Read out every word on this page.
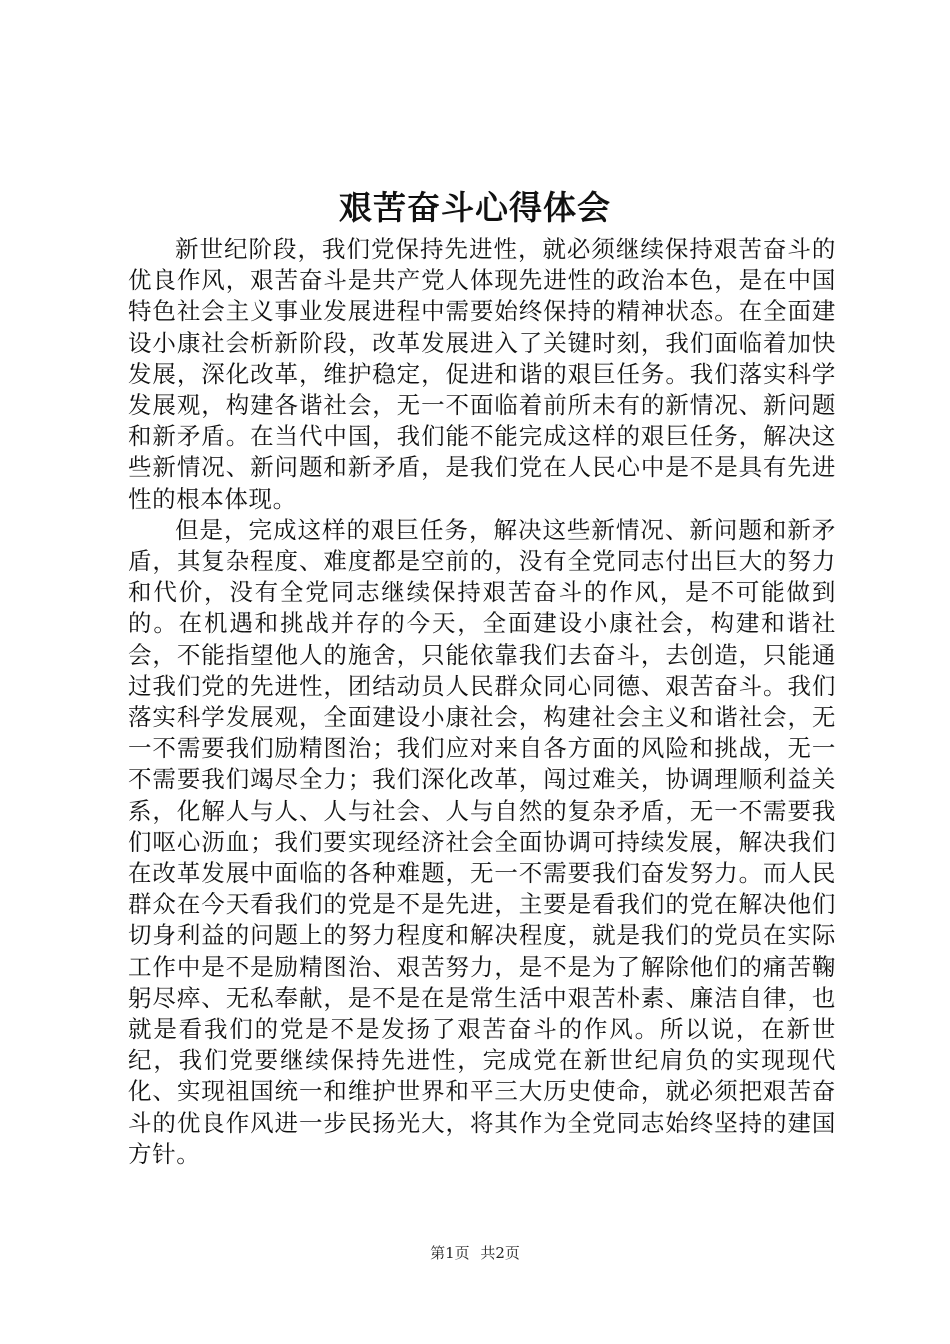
艰苦奋斗心得体会

新世纪阶段，我们党保持先进性，就必须继续保持艰苦奋斗的优良作风，艰苦奋斗是共产党人体现先进性的政治本色，是在中国特色社会主义事业发展进程中需要始终保持的精神状态。在全面建设小康社会析新阶段，改革发展进入了关键时刻，我们面临着加快发展，深化改革，维护稳定，促进和谐的艰巨任务。我们落实科学发展观，构建各谐社会，无一不面临着前所未有的新情况、新问题和新矛盾。在当代中国，我们能不能完成这样的艰巨任务，解决这些新情况、新问题和新矛盾，是我们党在人民心中是不是具有先进性的根本体现。

但是，完成这样的艰巨任务，解决这些新情况、新问题和新矛盾，其复杂程度、难度都是空前的，没有全党同志付出巨大的努力和代价，没有全党同志继续保持艰苦奋斗的作风，是不可能做到的。在机遇和挑战并存的今天，全面建设小康社会，构建和谐社会，不能指望他人的施舍，只能依靠我们去奋斗，去创造，只能通过我们党的先进性，团结动员人民群众同心同德、艰苦奋斗。我们落实科学发展观，全面建设小康社会，构建社会主义和谐社会，无一不需要我们励精图治；我们应对来自各方面的风险和挑战，无一不需要我们竭尽全力；我们深化改革，闯过难关，协调理顺利益关系，化解人与人、人与社会、人与自然的复杂矛盾，无一不需要我们呕心沥血；我们要实现经济社会全面协调可持续发展，解决我们在改革发展中面临的各种难题，无一不需要我们奋发努力。而人民群众在今天看我们的党是不是先进，主要是看我们的党在解决他们切身利益的问题上的努力程度和解决程度，就是我们的党员在实际工作中是不是励精图治、艰苦努力，是不是为了解除他们的痛苦鞠躬尽瘁、无私奉献，是不是在是常生活中艰苦朴素、廉洁自律，也就是看我们的党是不是发扬了艰苦奋斗的作风。所以说，在新世纪，我们党要继续保持先进性，完成党在新世纪肩负的实现现代化、实现祖国统一和维护世界和平三大历史使命，就必须把艰苦奋斗的优良作风进一步民扬光大，将其作为全党同志始终坚持的建国方针。

第1页 共2页
